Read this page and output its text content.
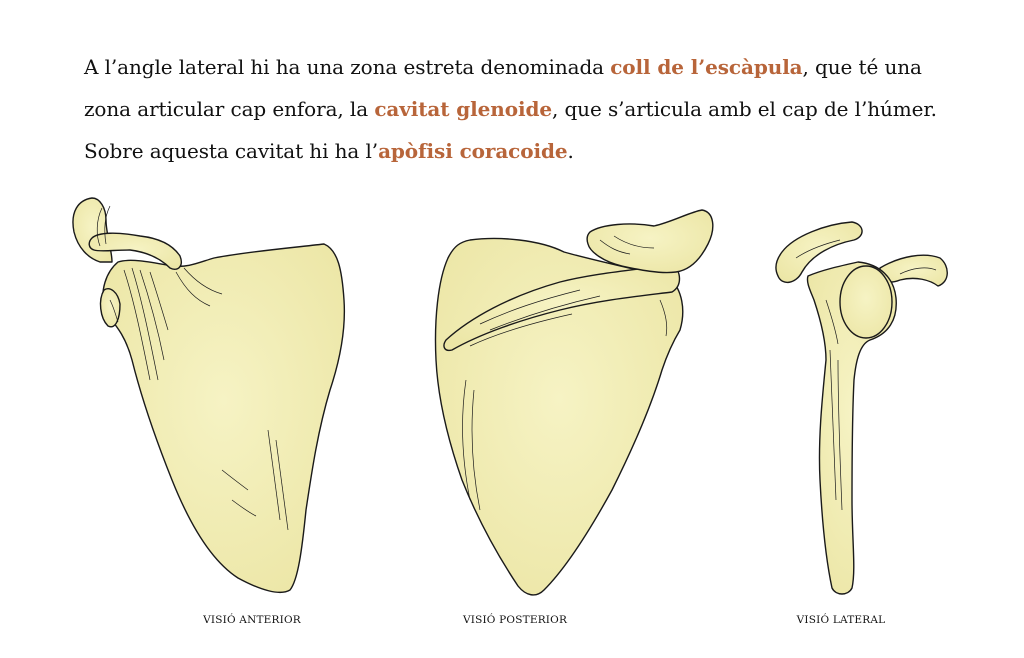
A l’angle lateral hi ha una zona estreta denominada coll de l’escàpula, que té una zona articular cap enfora, la cavitat glenoide, que s’articula amb el cap de l’húmer. Sobre aquesta cavitat hi ha l’apòfisi coracoide.

VISIÓ ANTERIOR	VISIÓ POSTERIOR	VISIÓ LATERAL
